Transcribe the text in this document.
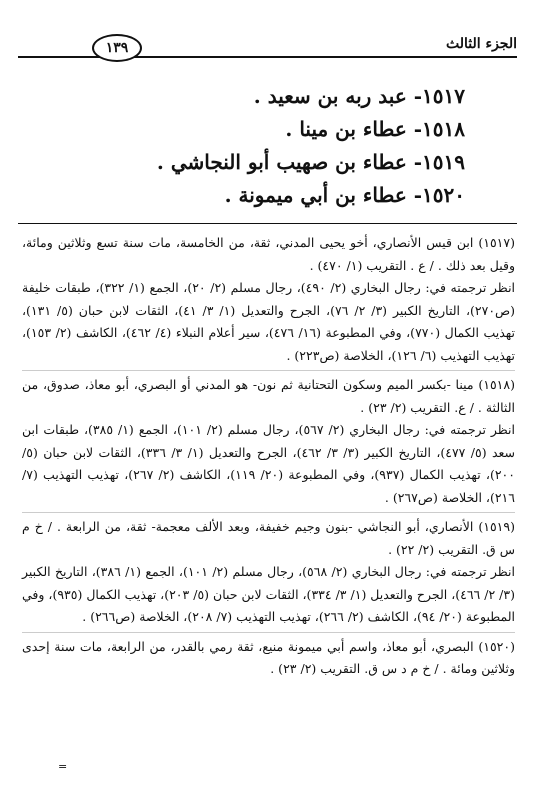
الجزء الثالث
١٣٩
١٥١٧- عبد ربه بن سعيد .
١٥١٨- عطاء بن مينا .
١٥١٩- عطاء بن صهيب أبو النجاشي .
١٥٢٠- عطاء بن أبي ميمونة .

(١٥١٧) ابن قيس الأنصاري، أخو يحيى المدني، ثقة، من الخامسة، مات سنة تسع وثلاثين ومائة، وقيل بعد ذلك . / ع . التقريب (١/ ٤٧٠) .

انظر ترجمته في: رجال البخاري (٢/ ٤٩٠)، رجال مسلم (٢/ ٢٠)، الجمع (١/ ٣٢٢)، طبقات خليفة (ص٢٧٠)، التاريخ الكبير (٣/ ٢/ ٧٦)، الجرح والتعديل (١/ ٣/ ٤١)، الثقات لابن حبان (٥/ ١٣١)، تهذيب الكمال (٧٧٠)، وفي المطبوعة (١٦/ ٤٧٦)، سير أعلام النبلاء (٤/ ٤٦٢)، الكاشف (٢/ ١٥٣)، تهذيب التهذيب (٦/ ١٢٦)، الخلاصة (ص٢٢٣) .

(١٥١٨) مينا -بكسر الميم وسكون التحتانية ثم نون- هو المدني أو البصري، أبو معاذ، صدوق، من الثالثة . / ع. التقريب (٢/ ٢٣) .

انظر ترجمته في: رجال البخاري (٢/ ٥٦٧)، رجال مسلم (٢/ ١٠١)، الجمع (١/ ٣٨٥)، طبقات ابن سعد (٥/ ٤٧٧)، التاريخ الكبير (٣/ ٣/ ٤٦٢)، الجرح والتعديل (١/ ٣/ ٣٣٦)، الثقات لابن حبان (٥/ ٢٠٠)، تهذيب الكمال (٩٣٧)، وفي المطبوعة (٢٠/ ١١٩)، الكاشف (٢/ ٢٦٧)، تهذيب التهذيب (٧/ ٢١٦)، الخلاصة (ص٢٦٧) .

(١٥١٩) الأنصاري، أبو النجاشي -بنون وجيم خفيفة، وبعد الألف معجمة- ثقة، من الرابعة . / خ م س ق. التقريب (٢/ ٢٢) .

انظر ترجمته في: رجال البخاري (٢/ ٥٦٨)، رجال مسلم (٢/ ١٠١)، الجمع (١/ ٣٨٦)، التاريخ الكبير (٣/ ٢/ ٤٦٦)، الجرح والتعديل (١/ ٣/ ٣٣٤)، الثقات لابن حبان (٥/ ٢٠٣)، تهذيب الكمال (٩٣٥)، وفي المطبوعة (٢٠/ ٩٤)، الكاشف (٢/ ٢٦٦)، تهذيب التهذيب (٧/ ٢٠٨)، الخلاصة (ص٢٦٦) .

(١٥٢٠) البصري، أبو معاذ، واسم أبي ميمونة منيع، ثقة رمي بالقدر، من الرابعة، مات سنة إحدى وثلاثين ومائة . / خ م د س ق. التقريب (٢/ ٢٣) .

=
